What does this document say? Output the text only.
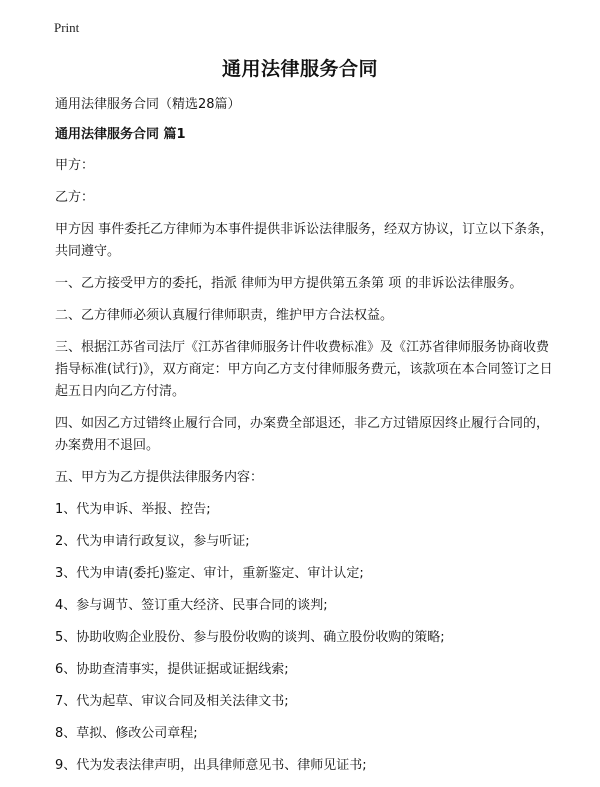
Print
通用法律服务合同

通用法律服务合同（精选28篇）

通用法律服务合同 篇1

甲方：

乙方：

甲方因 事件委托乙方律师为本事件提供非诉讼法律服务，经双方协议，订立以下条条，共同遵守。

一、乙方接受甲方的委托，指派 律师为甲方提供第五条第 项 的非诉讼法律服务。

二、乙方律师必须认真履行律师职责，维护甲方合法权益。

三、根据江苏省司法厅《江苏省律师服务计件收费标准》及《江苏省律师服务协商收费指导标准(试行)》，双方商定：甲方向乙方支付律师服务费元，该款项在本合同签订之日起五日内向乙方付清。

四、如因乙方过错终止履行合同，办案费全部退还，非乙方过错原因终止履行合同的，办案费用不退回。

五、甲方为乙方提供法律服务内容：

1、代为申诉、举报、控告;

2、代为申请行政复议，参与听证;

3、代为申请(委托)鉴定、审计，重新鉴定、审计认定;

4、参与调节、签订重大经济、民事合同的谈判;

5、协助收购企业股份、参与股份收购的谈判、确立股份收购的策略;

6、协助查清事实，提供证据或证据线索;

7、代为起草、审议合同及相关法律文书;

8、草拟、修改公司章程;

9、代为发表法律声明，出具律师意见书、律师见证书;
